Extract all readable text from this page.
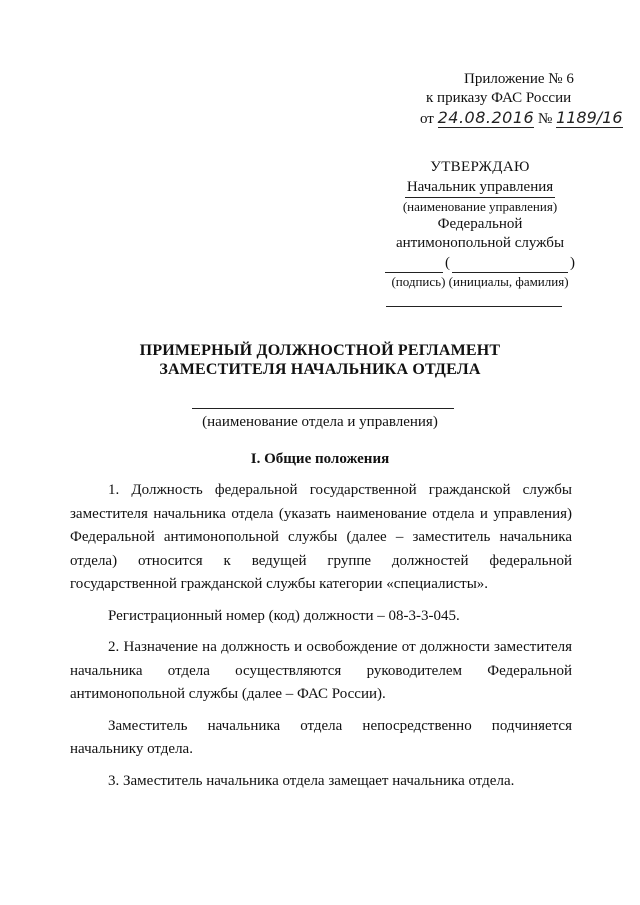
Приложение № 6
к приказу ФАС России
от 24.08.2016 № 1189/16
УТВЕРЖДАЮ
Начальник управления
(наименование управления)
Федеральной
антимонопольной службы
(	)
(подпись) (инициалы, фамилия)
ПРИМЕРНЫЙ ДОЛЖНОСТНОЙ РЕГЛАМЕНТ
ЗАМЕСТИТЕЛЯ НАЧАЛЬНИКА ОТДЕЛА
(наименование отдела и управления)
I. Общие положения

1. Должность федеральной государственной гражданской службы заместителя начальника отдела (указать наименование отдела и управления) Федеральной антимонопольной службы (далее – заместитель начальника отдела) относится к ведущей группе должностей федеральной государственной гражданской службы категории «специалисты».

Регистрационный номер (код) должности – 08-3-3-045.

2. Назначение на должность и освобождение от должности заместителя начальника отдела осуществляются руководителем Федеральной антимонопольной службы (далее – ФАС России).

Заместитель начальника отдела непосредственно подчиняется начальнику отдела.

3. Заместитель начальника отдела замещает начальника отдела.
